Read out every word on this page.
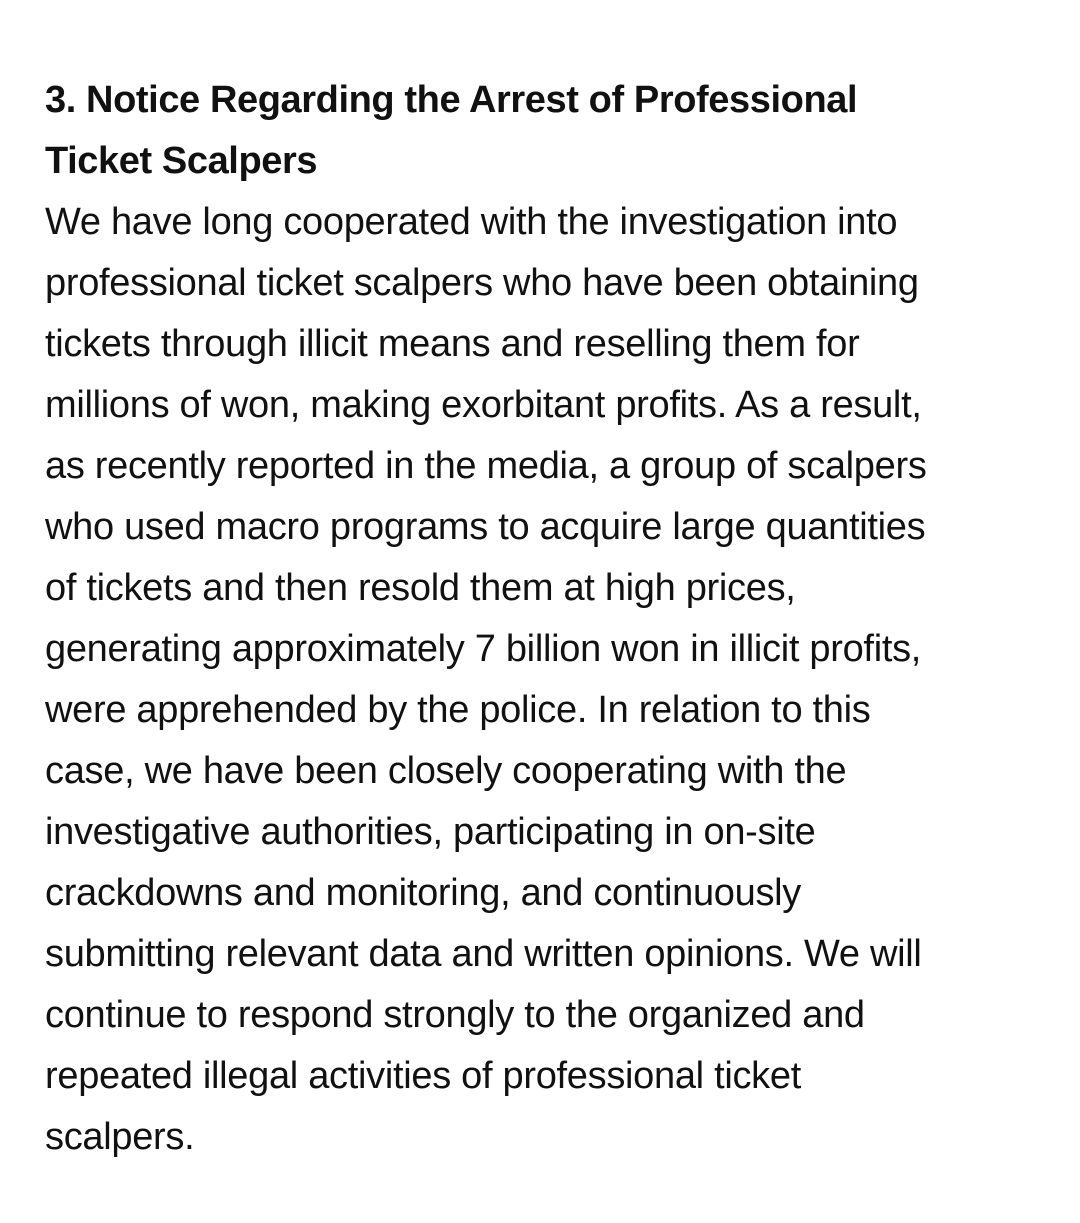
3. Notice Regarding the Arrest of Professional
Ticket Scalpers

We have long cooperated with the investigation into
professional ticket scalpers who have been obtaining
tickets through illicit means and reselling them for
millions of won, making exorbitant profits. As a result,
as recently reported in the media, a group of scalpers
who used macro programs to acquire large quantities
of tickets and then resold them at high prices,
generating approximately 7 billion won in illicit profits,
were apprehended by the police. In relation to this
case, we have been closely cooperating with the
investigative authorities, participating in on-site
crackdowns and monitoring, and continuously
submitting relevant data and written opinions. We will
continue to respond strongly to the organized and
repeated illegal activities of professional ticket
scalpers.
